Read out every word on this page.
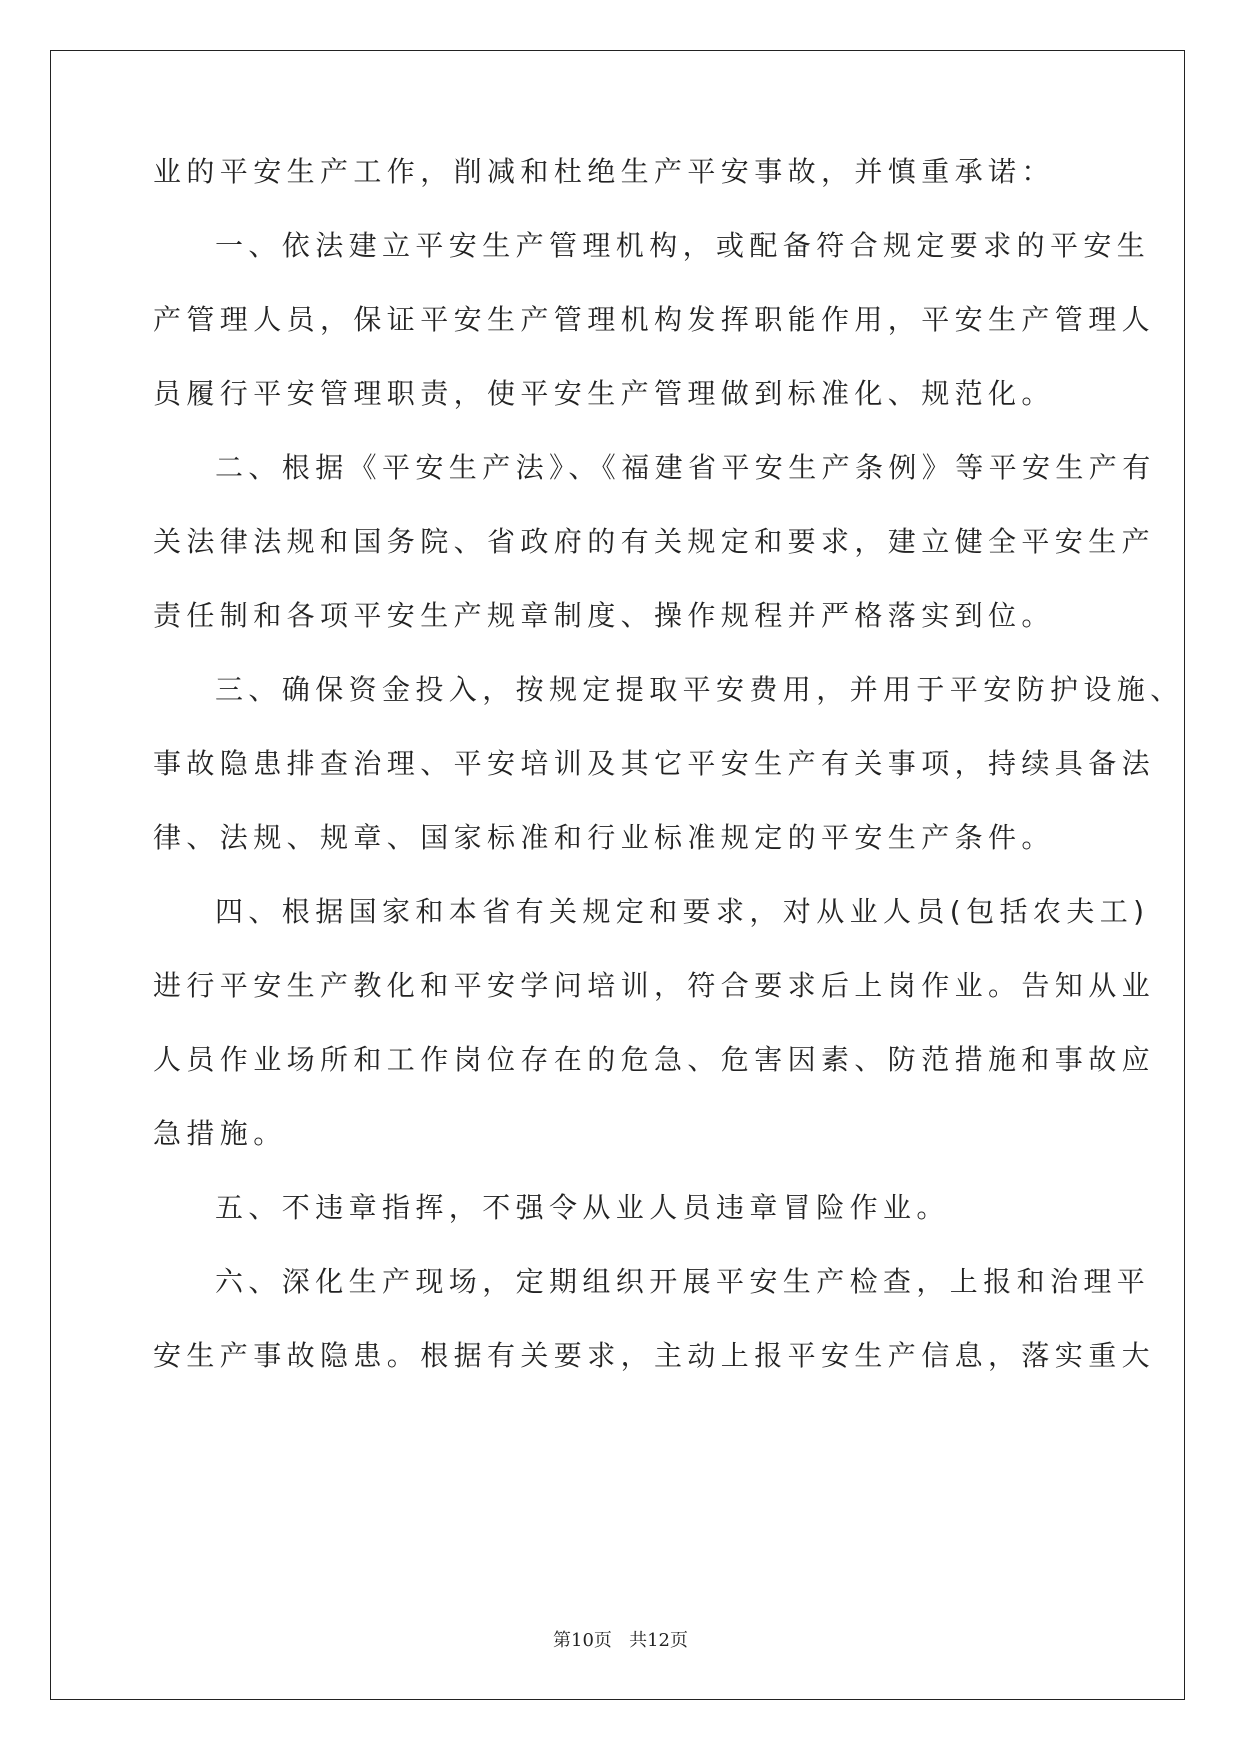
业的平安生产工作，削减和杜绝生产平安事故，并慎重承诺：

一、依法建立平安生产管理机构，或配备符合规定要求的平安生

产管理人员，保证平安生产管理机构发挥职能作用，平安生产管理人

员履行平安管理职责，使平安生产管理做到标准化、规范化。

二、根据《平安生产法》、《福建省平安生产条例》等平安生产有

关法律法规和国务院、省政府的有关规定和要求，建立健全平安生产

责任制和各项平安生产规章制度、操作规程并严格落实到位。

三、确保资金投入，按规定提取平安费用，并用于平安防护设施、

事故隐患排查治理、平安培训及其它平安生产有关事项，持续具备法

律、法规、规章、国家标准和行业标准规定的平安生产条件。

四、根据国家和本省有关规定和要求，对从业人员(包括农夫工)

进行平安生产教化和平安学问培训，符合要求后上岗作业。告知从业

人员作业场所和工作岗位存在的危急、危害因素、防范措施和事故应

急措施。

五、不违章指挥，不强令从业人员违章冒险作业。

六、深化生产现场，定期组织开展平安生产检查，上报和治理平

安生产事故隐患。根据有关要求，主动上报平安生产信息，落实重大

第10页   共12页
